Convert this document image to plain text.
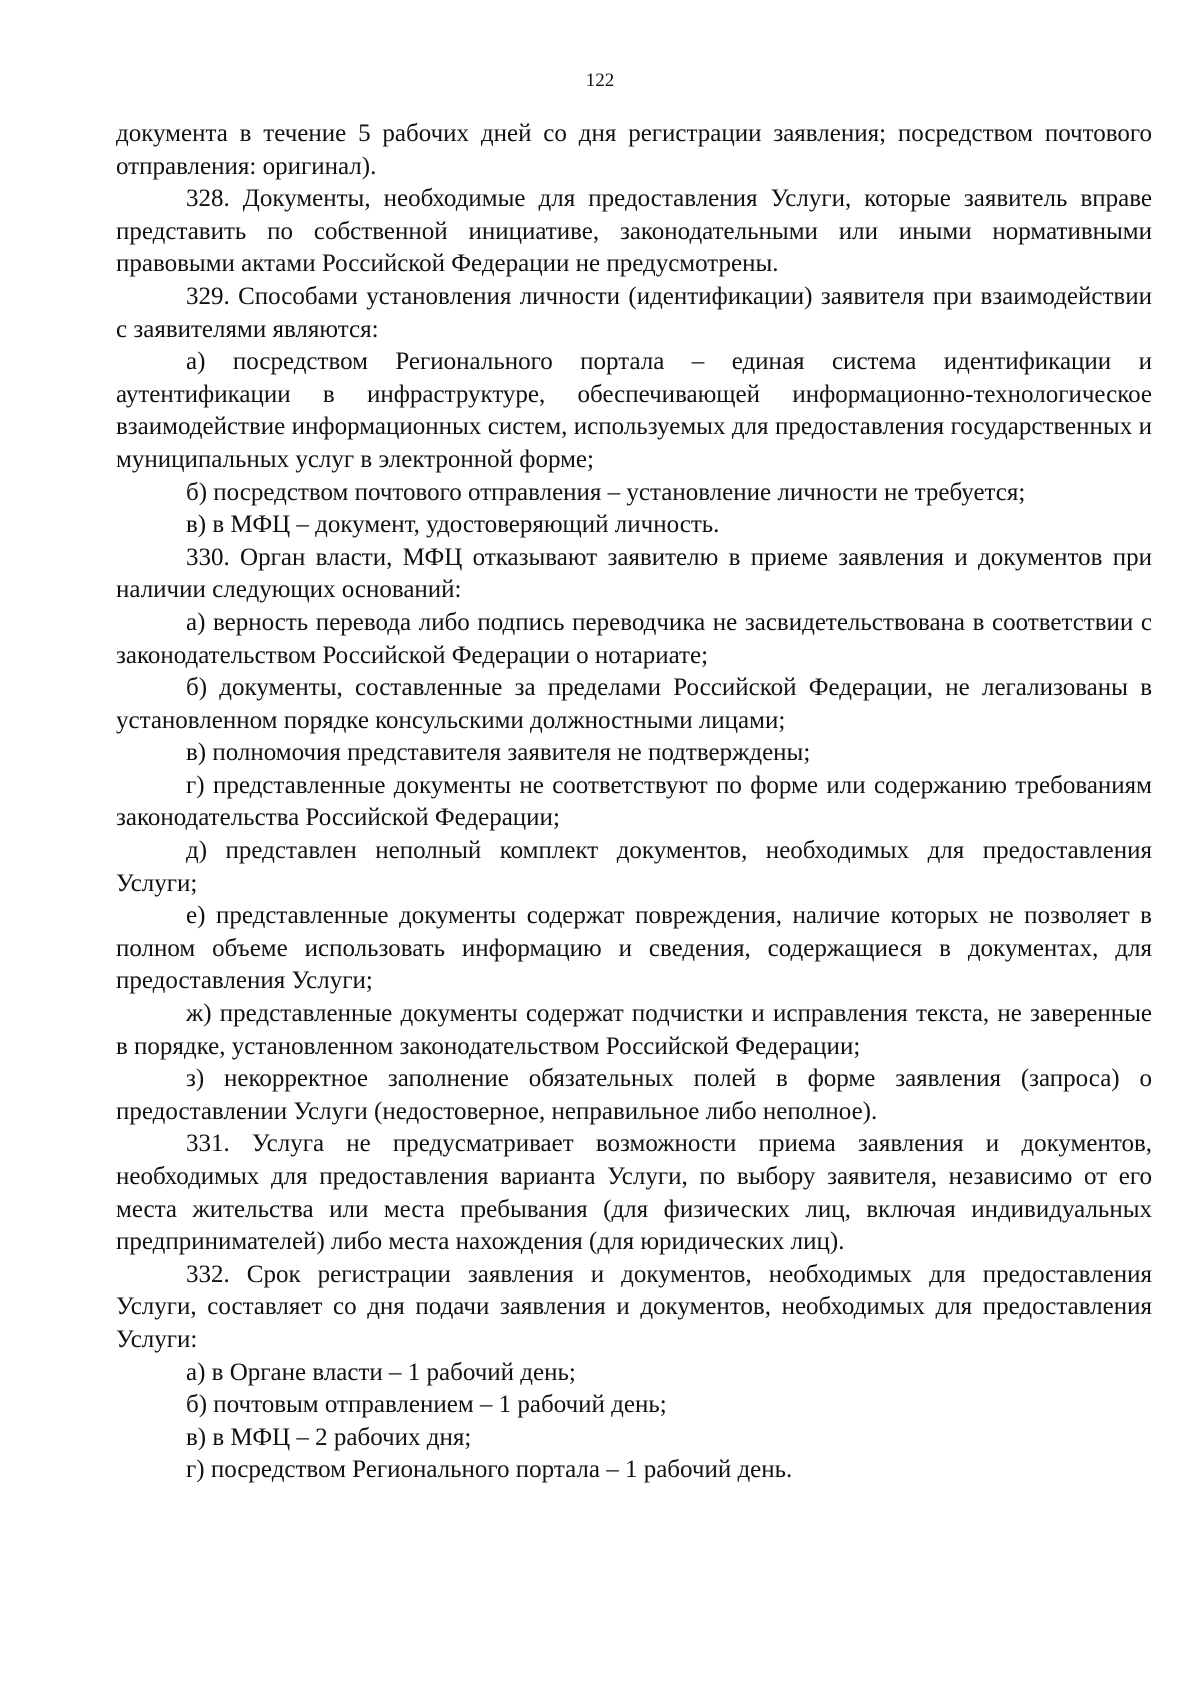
122

документа в течение 5 рабочих дней со дня регистрации заявления; посредством почтового отправления: оригинал).

328. Документы, необходимые для предоставления Услуги, которые заявитель вправе представить по собственной инициативе, законодательными или иными нормативными правовыми актами Российской Федерации не предусмотрены.

329. Способами установления личности (идентификации) заявителя при взаимодействии с заявителями являются:

а) посредством Регионального портала – единая система идентификации и аутентификации в инфраструктуре, обеспечивающей информационно-технологическое взаимодействие информационных систем, используемых для предоставления государственных и муниципальных услуг в электронной форме;

б) посредством почтового отправления – установление личности не требуется;

в) в МФЦ – документ, удостоверяющий личность.

330. Орган власти, МФЦ отказывают заявителю в приеме заявления и документов при наличии следующих оснований:

а) верность перевода либо подпись переводчика не засвидетельствована в соответствии с законодательством Российской Федерации о нотариате;

б) документы, составленные за пределами Российской Федерации, не легализованы в установленном порядке консульскими должностными лицами;

в) полномочия представителя заявителя не подтверждены;

г) представленные документы не соответствуют по форме или содержанию требованиям законодательства Российской Федерации;

д) представлен неполный комплект документов, необходимых для предоставления Услуги;

е) представленные документы содержат повреждения, наличие которых не позволяет в полном объеме использовать информацию и сведения, содержащиеся в документах, для предоставления Услуги;

ж) представленные документы содержат подчистки и исправления текста, не заверенные в порядке, установленном законодательством Российской Федерации;

з) некорректное заполнение обязательных полей в форме заявления (запроса) о предоставлении Услуги (недостоверное, неправильное либо неполное).

331. Услуга не предусматривает возможности приема заявления и документов, необходимых для предоставления варианта Услуги, по выбору заявителя, независимо от его места жительства или места пребывания (для физических лиц, включая индивидуальных предпринимателей) либо места нахождения (для юридических лиц).

332. Срок регистрации заявления и документов, необходимых для предоставления Услуги, составляет со дня подачи заявления и документов, необходимых для предоставления Услуги:

а) в Органе власти – 1 рабочий день;

б) почтовым отправлением – 1 рабочий день;

в) в МФЦ – 2 рабочих дня;

г) посредством Регионального портала – 1 рабочий день.
